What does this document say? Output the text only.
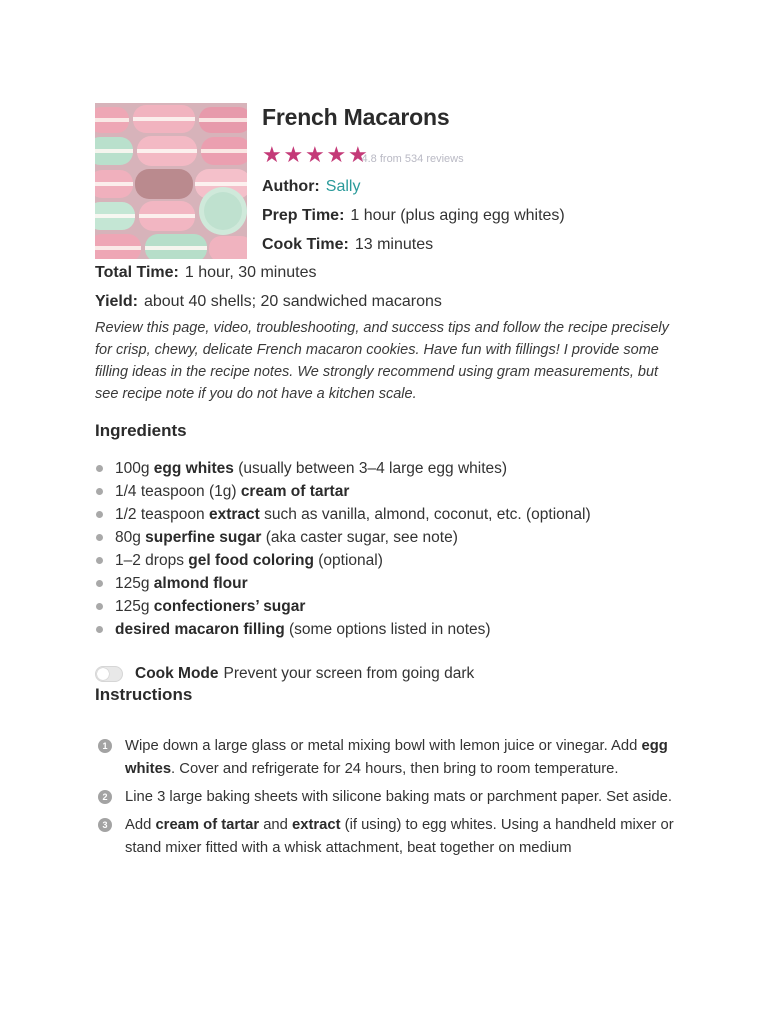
French Macarons
★ ★ ★ ★ ★
4.8 from 534 reviews

Author: Sally

Prep Time: 1 hour (plus aging egg whites)

Cook Time: 13 minutes

Total Time: 1 hour, 30 minutes

Yield: about 40 shells; 20 sandwiched macarons

Review this page, video, troubleshooting, and success tips and follow the recipe precisely for crisp, chewy, delicate French macaron cookies. Have fun with fillings! I provide some filling ideas in the recipe notes. We strongly recommend using gram measurements, but see recipe note if you do not have a kitchen scale.
Ingredients
100g egg whites (usually between 3–4 large egg whites)
1/4 teaspoon (1g) cream of tartar
1/2 teaspoon extract such as vanilla, almond, coconut, etc. (optional)
80g superfine sugar (aka caster sugar, see note)
1–2 drops gel food coloring (optional)
125g almond flour
125g confectioners’ sugar
desired macaron filling (some options listed in notes)
Cook Mode Prevent your screen from going dark
Instructions
1	Wipe down a large glass or metal mixing bowl with lemon juice or vinegar. Add egg whites. Cover and refrigerate for 24 hours, then bring to room temperature.
2	Line 3 large baking sheets with silicone baking mats or parchment paper. Set aside.
3	Add cream of tartar and extract (if using) to egg whites. Using a handheld mixer or stand mixer fitted with a whisk attachment, beat together on medium
